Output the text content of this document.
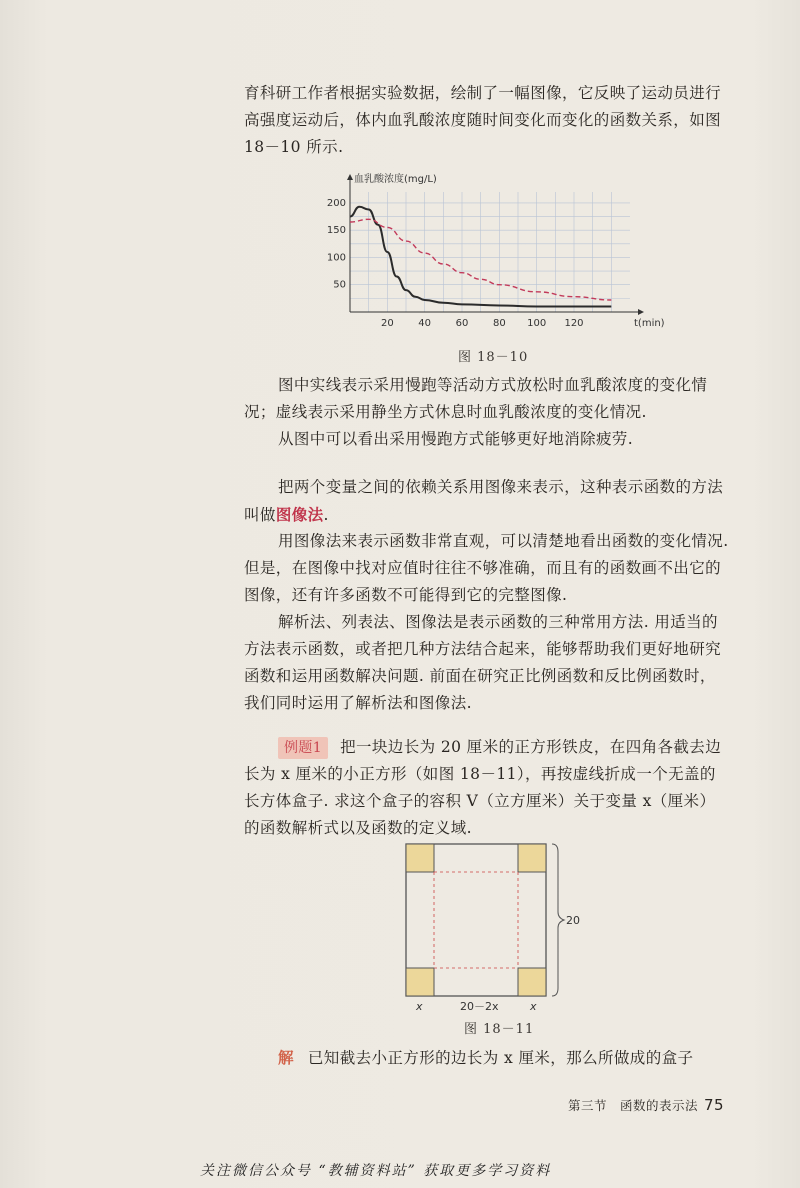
育科研工作者根据实验数据，绘制了一幅图像，它反映了运动员进行高强度运动后，体内血乳酸浓度随时间变化而变化的函数关系，如图 18－10 所示.

20 40 60 80 100 120
50
100
150
200
t(min)
血乳酸浓度(mg/L)
图 18－10

图中实线表示采用慢跑等活动方式放松时血乳酸浓度的变化情况；虚线表示采用静坐方式休息时血乳酸浓度的变化情况.

从图中可以看出采用慢跑方式能够更好地消除疲劳.

把两个变量之间的依赖关系用图像来表示，这种表示函数的方法叫做图像法.

用图像法来表示函数非常直观，可以清楚地看出函数的变化情况. 但是，在图像中找对应值时往往不够准确，而且有的函数画不出它的图像，还有许多函数不可能得到它的完整图像.

解析法、列表法、图像法是表示函数的三种常用方法. 用适当的方法表示函数，或者把几种方法结合起来，能够帮助我们更好地研究函数和运用函数解决问题. 前面在研究正比例函数和反比例函数时，我们同时运用了解析法和图像法.

例题1 把一块边长为 20 厘米的正方形铁皮，在四角各截去边长为 x 厘米的小正方形（如图 18－11），再按虚线折成一个无盖的长方体盒子. 求这个盒子的容积 V（立方厘米）关于变量 x（厘米）的函数解析式以及函数的定义域.

20
x	20－2x	x
图 18－11

解 已知截去小正方形的边长为 x 厘米，那么所做成的盒子

第三节　函数的表示法 75
关注微信公众号 “教辅资料站” 获取更多学习资料
